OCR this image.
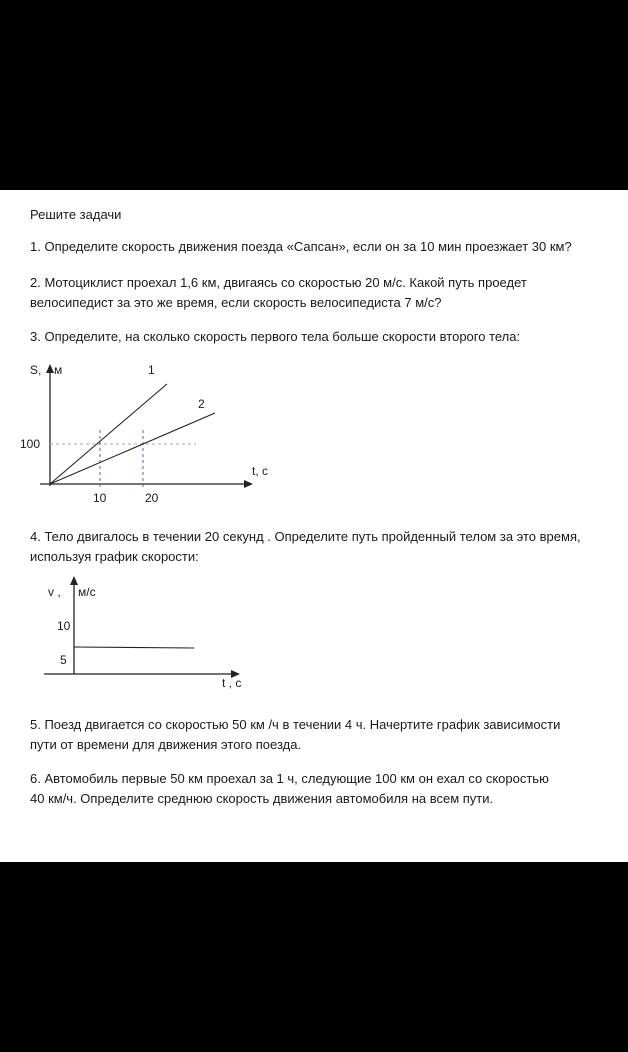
Решите задачи
1. Определите скорость движения поезда «Сапсан», если он за 10 мин проезжает 30 км?
2. Мотоциклист проехал 1,6 км, двигаясь со скоростью 20 м/с. Какой путь проедет
велосипедист за это же время, если скорость велосипедиста 7 м/с?
3. Определите, на сколько скорость первого тела больше скорости второго тела:
S, м
100
10	20
t, с
1
2
4. Тело двигалось в течении 20 секунд . Определите путь пройденный телом за это время,
используя график скорости:
v , м/с
10
5
t , с
5. Поезд двигается со скоростью 50 км /ч в течении 4 ч. Начертите график зависимости
пути от времени для движения этого поезда.
6. Автомобиль первые 50 км проехал за 1 ч, следующие 100 км он ехал со скоростью
40 км/ч. Определите среднюю скорость движения автомобиля на всем пути.
